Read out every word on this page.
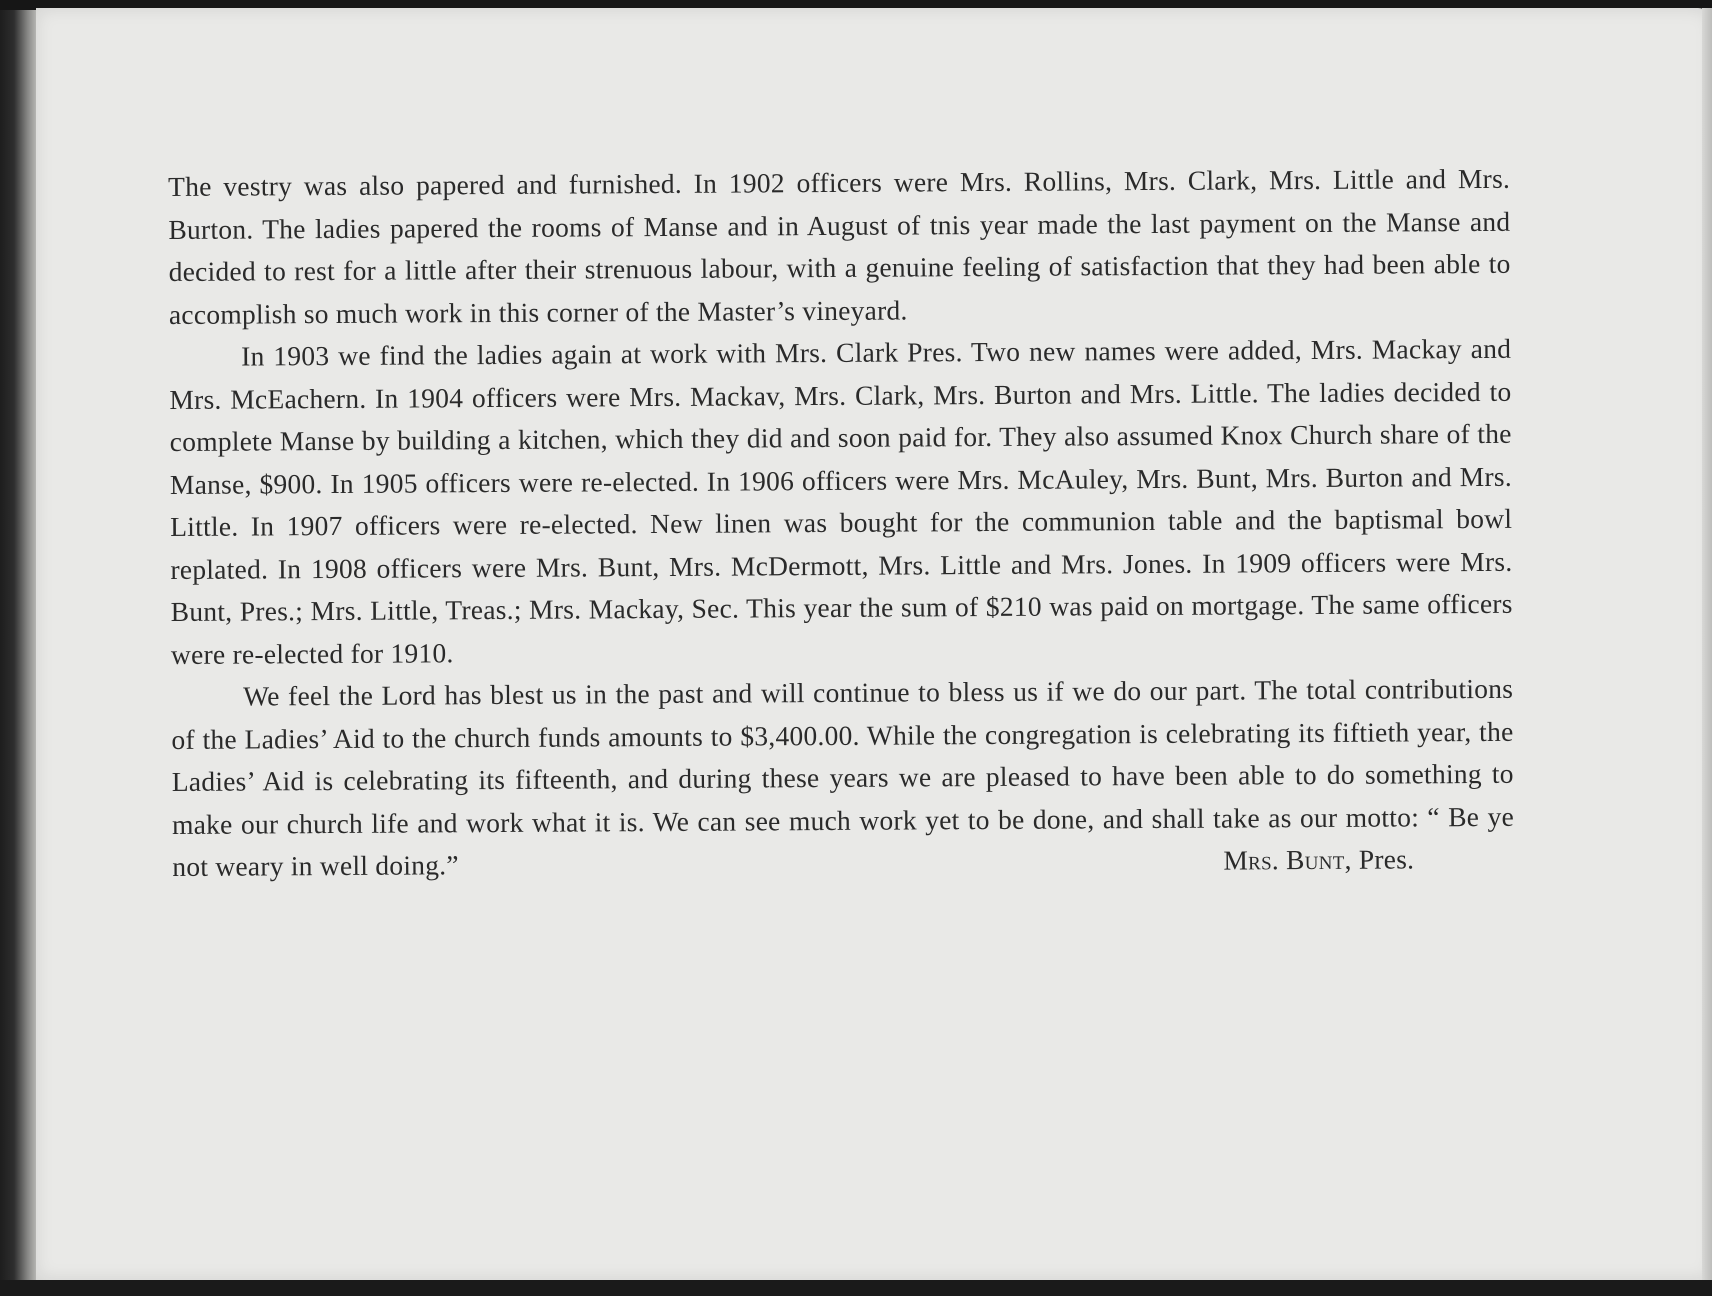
The vestry was also papered and furnished. In 1902 officers were Mrs. Rollins, Mrs. Clark, Mrs. Little and Mrs. Burton. The ladies papered the rooms of Manse and in August of tnis year made the last payment on the Manse and decided to rest for a little after their strenuous labour, with a genuine feeling of satisfaction that they had been able to accomplish so much work in this corner of the Master’s vineyard.

In 1903 we find the ladies again at work with Mrs. Clark Pres. Two new names were added, Mrs. Mackay and Mrs. McEachern. In 1904 officers were Mrs. Mackav, Mrs. Clark, Mrs. Burton and Mrs. Little. The ladies decided to complete Manse by building a kitchen, which they did and soon paid for. They also assumed Knox Church share of the Manse, $900. In 1905 officers were re-elected. In 1906 officers were Mrs. McAuley, Mrs. Bunt, Mrs. Burton and Mrs. Little. In 1907 officers were re-elected. New linen was bought for the communion table and the baptismal bowl replated. In 1908 officers were Mrs. Bunt, Mrs. McDermott, Mrs. Little and Mrs. Jones. In 1909 officers were Mrs. Bunt, Pres.; Mrs. Little, Treas.; Mrs. Mackay, Sec. This year the sum of $210 was paid on mortgage. The same officers were re-elected for 1910.

We feel the Lord has blest us in the past and will continue to bless us if we do our part. The total contributions of the Ladies’ Aid to the church funds amounts to $3,400.00. While the congregation is celebrating its fiftieth year, the Ladies’ Aid is celebrating its fifteenth, and during these years we are pleased to have been able to do something to make our church life and work what it is. We can see much work yet to be done, and shall take as our motto: “ Be ye not weary in well doing.”	Mrs. Bunt, Pres.
